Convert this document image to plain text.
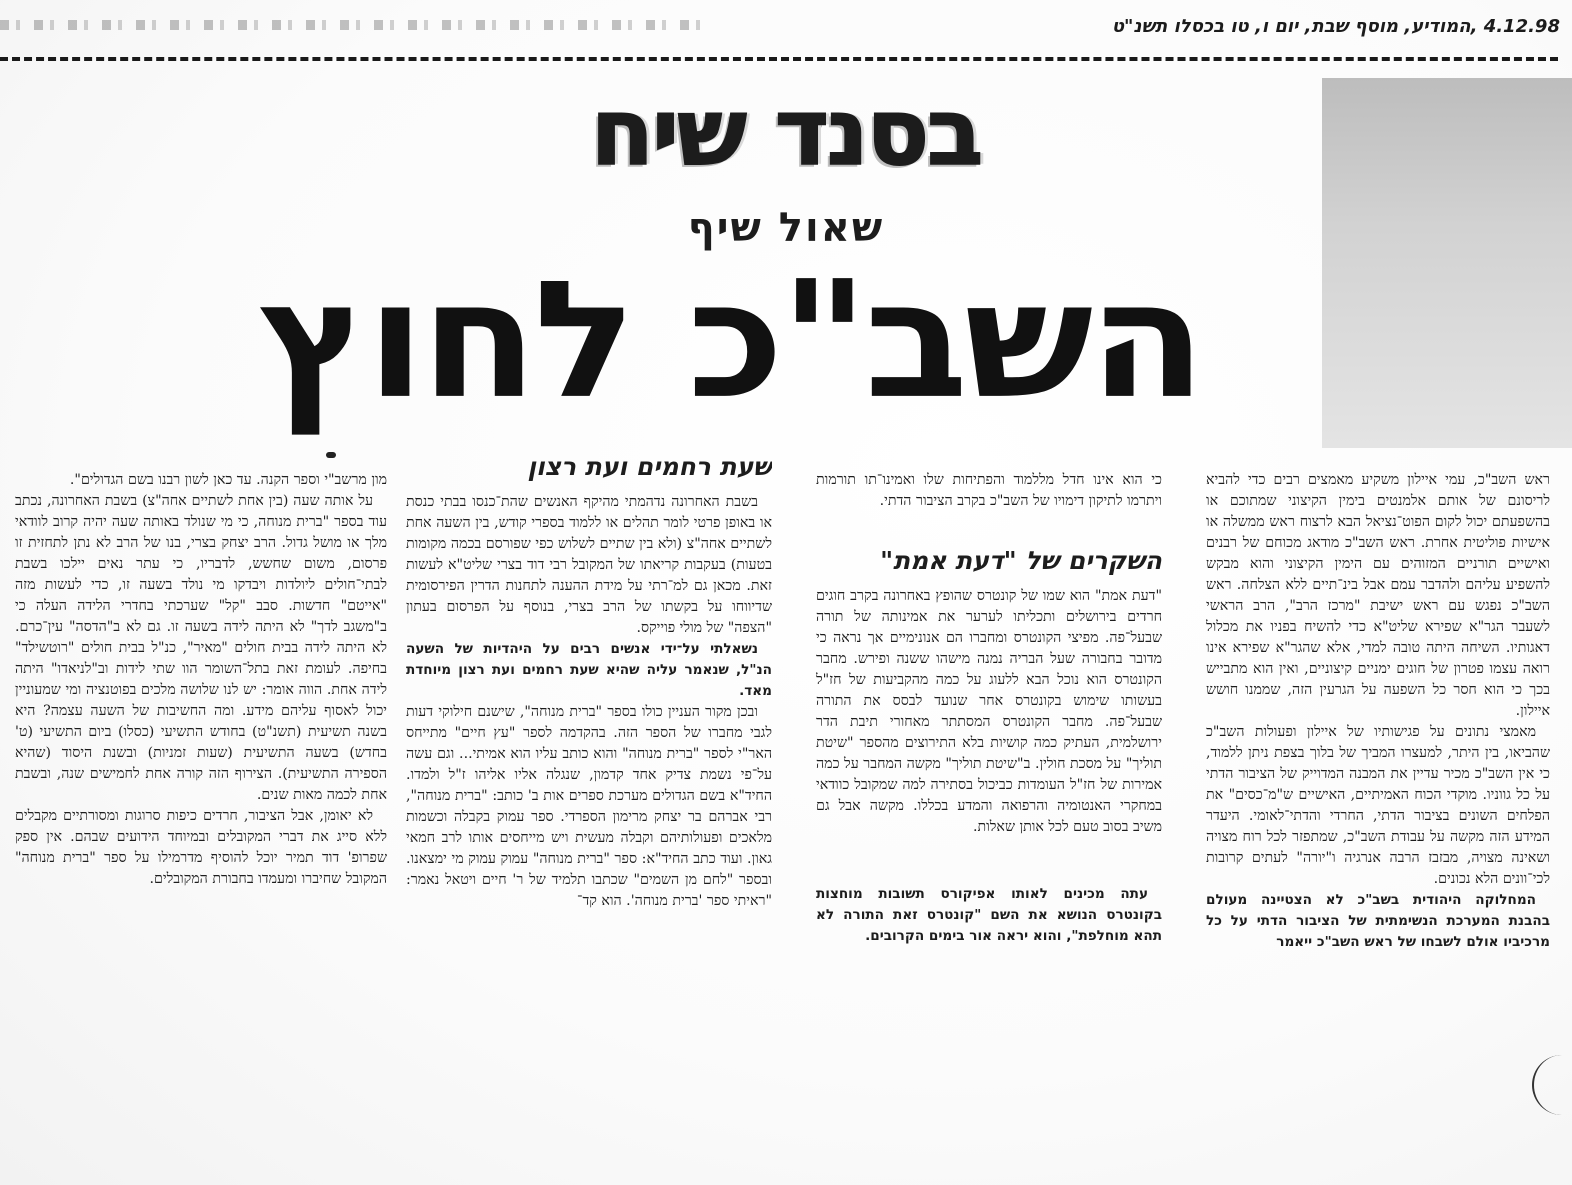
4.12.98 ,המודיע, מוסף שבת, יום ו, טו בכסלו תשנ"ט
בסנד שיח
שאול שיף
השב"כ לחוץ

ראש השב"כ, עמי איילון משקיע מאמצים רבים כדי להביא לריסונם של אותם אלמנטים בימין הקיצוני שמתוכם או בהשפעתם יכול לקום הפוט־נציאל הבא לרצוח ראש ממשלה או אישיות פוליטית אחרת. ראש השב"כ מודאג מכוחם של רבנים ואישיים תורניים המזוהים עם הימין הקיצוני והוא מבקש להשפיע עליהם ולהדבר עמם אבל בינ־תיים ללא הצלחה. ראש השב"כ נפגש עם ראש ישיבת "מרכז הרב", הרב הראשי לשעבר הגר"א שפירא שליט"א כדי להשיח בפניו את מכלול דאגותיו. השיחה היתה טובה למדי, אלא שהגר"א שפירא אינו רואה עצמו פטרון של חוגים ימניים קיצוניים, ואין הוא מתבייש בכך כי הוא חסר כל השפעה על הגרעין הזה, שממנו חושש איילון.

מאמצי נתונים על פגישותיו של איילון ופעולות השב"כ שהביאו, בין היתר, למעצרו המביך של בלוך בצפת ניתן ללמוד, כי אין השב"כ מכיר עדיין את המבנה המדוייק של הציבור הדתי על כל גווניו. מוקדי הכוח האמיתיים, האישיים ש"מ־כסים" את הפלחים השונים בציבור הדתי, החרדי והדתי־לאומי. היעדר המידע הזה מקשה על עבודת השב"כ, שמתפזר לכל רוח מצויה ושאינה מצויה, מבזבז הרבה אנרגיה ו"יורה" לעתים קרובות לכי־וונים הלא נכונים.

המחלוקה היהודית בשב"כ לא הצטיינה מעולם בהבנת המערכת הנשימתית של הציבור הדתי על כל מרכיביו אולם לשבחו של ראש השב"כ ייאמר

כי הוא אינו חדל מללמוד והפתיחות שלו ואמינו־תו תורמות ויתרמו לתיקון דימויו של השב"כ בקרב הציבור הדתי.

השקרים של "דעת אמת"

"דעת אמת" הוא שמו של קונטרס שהופץ באחרונה בקרב חוגים חרדים בירושלים ותכליתו לערער את אמינותה של תורה שבעל־פה. מפיצי הקונטרס ומחברו הם אנונימיים אך נראה כי מדובר בחבורה שעל הבריה נמנה מישהו ששנה ופירש. מחבר הקונטרס הוא נוכל הבא ללעוג על כמה מהקביעות של חז"ל בעשותו שימוש בקונטרס אחר שנועד לבסס את התורה שבעל־פה. מחבר הקונטרס המסתתר מאחורי תיבת הדר ירושלמית, העתיק כמה קושיות בלא התירוצים מהספר "שיטת תוליך" על מסכת חולין. ב"שיטת תוליך" מקשה המחבר על כמה אמירות של חז"ל העומדות כביכול בסתירה למה שמקובל כוודאי במחקרי האנטומיה והרפואה והמדע בכללו. מקשה אבל גם משיב בסוב טעם לכל אותן שאלות.

עתה מכינים לאותו אפיקורס תשובות מוחצות בקונטרס הנושא את השם "קונטרס זאת התורה לא תהא מוחלפת", והוא יראה אור בימים הקרובים.

שעת רחמים ועת רצון

בשבת האחרונה נדהמתי מהיקף האנשים שהת־כנסו בבתי כנסת או באופן פרטי לומר תהלים או ללמוד בספרי קודש, בין השעה אחת לשתיים אחה"צ (ולא בין שתיים לשלוש כפי שפורסם בכמה מקומות בטעות) בעקבות קריאתו של המקובל רבי דוד בצרי שליט"א לעשות זאת. מכאן גם למ־רתי על מידת ההענה לתחנות הדרין הפירסומית שדיווחו על בקשתו של הרב בצרי, בנוסף על הפרסום בעתון "הצפה" של מולי פוייקס.

נשאלתי על־ידי אנשים רבים על היהדיות של השעה הנ"ל, שנאמר עליה שהיא שעת רחמים ועת רצון מיוחדת מאד.

ובכן מקור העניין כולו בספר "ברית מנוחה", שישנם חילוקי דעות לגבי מחברו של הספר הזה. בהקדמה לספר "עץ חיים" מתייחס האר"י לספר "ברית מנוחה" והוא כותב עליו הוא אמיתי... וגם עשה על־פי נשמת צדיק אחד קדמון, שנגלה אליו אליהו ז"ל ולמדו. החיד"א בשם הגדולים מערכת ספרים אות ב' כותב: "ברית מנוחה", רבי אברהם בר יצחק מרימון הספרדי. ספר עמוק בקבלה וכשמות מלאכים ופעולותיהם וקבלה מעשית ויש מייחסים אותו לרב חמאי גאון. ועוד כתב החיד"א: ספר "ברית מנוחה" עמוק עמוק מי ימצאנו. ובספר "לחם מן השמים" שכתבו תלמיד של ר' חיים ויטאל נאמר: "ראיתי ספר 'ברית מנוחה'. הוא קד־

מון מרשב"י וספר הקנה. עד כאן לשון רבנו בשם הגדולים".

על אותה שעה (בין אחת לשתיים אחה"צ) בשבת האחרונה, נכתב עוד בספר "ברית מנוחה, כי מי שנולד באותה שעה יהיה קרוב לוודאי מלך או מושל גדול. הרב יצחק בצרי, בנו של הרב לא נתן לתחזית זו פרסום, משום שחשש, לדבריו, כי עתר נאים יילכו בשבת לבתי־חולים ליולדות ויבדקו מי נולד בשעה זו, כדי לעשות מזה "אייטם" חדשות. סבב "קל" שערכתי בחדרי הלידה העלה כי ב"משגב לדך" לא היתה לידה בשעה זו. גם לא ב"הדסה" עין־כרם. לא היתה לידה בבית חולים "מאיר", כנ"ל בבית חולים "רוטשילד" בחיפה. לעומת זאת בתל־השומר הוו שתי לידות וב"לניאדו" היתה לידה אחת. הווה אומר: יש לנו שלושה מלכים בפוטנציה ומי שמעוניין יכול לאסוף עליהם מידע. ומה החשיבות של השעה עצמה? היא בשנה תשיעית (תשנ"ט) בחודש התשיעי (כסלו) ביום התשיעי (ט' בחדש) בשעה התשיעית (שעות זמניות) ובשנת היסוד (שהיא הספירה התשיעית). הצירוף הזה קורה אחת לחמישים שנה, ובשבת אחת לכמה מאות שנים.

לא יאומן, אבל הציבור, חרדים כיפות סרוגות ומסורתיים מקבלים ללא סייג את דברי המקובלים ובמיוחד הידועים שבהם. אין ספק שפרופ' דוד תמיר יוכל להוסיף מדרמילו על ספר "ברית מנוחה" המקובל שחיברו ומעמדו בחבורת המקובלים.
